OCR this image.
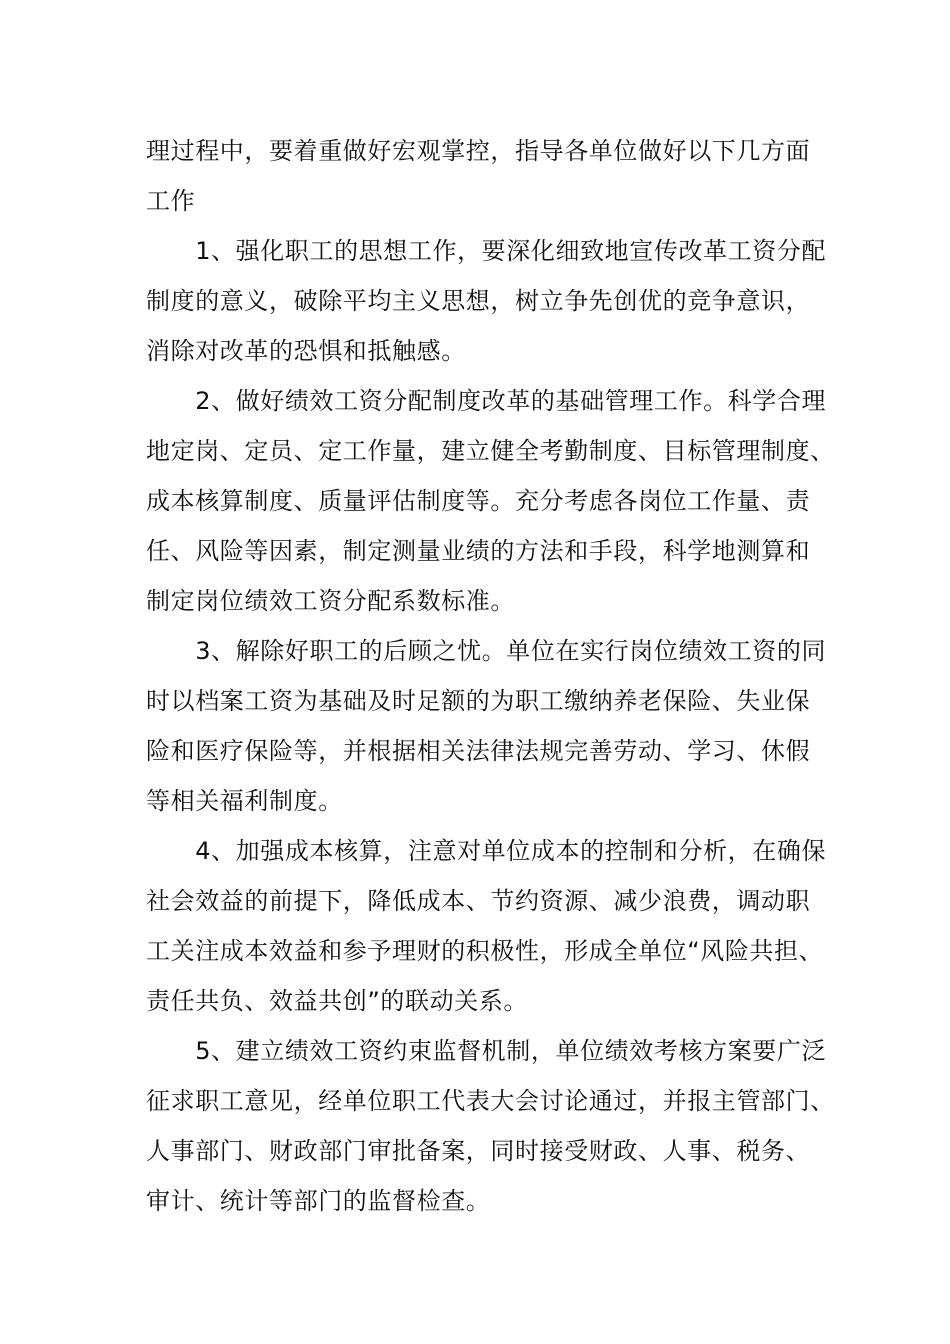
理过程中，要着重做好宏观掌控，指导各单位做好以下几方面
工作
　　1、强化职工的思想工作，要深化细致地宣传改革工资分配
制度的意义，破除平均主义思想，树立争先创优的竞争意识，
消除对改革的恐惧和抵触感。
　　2、做好绩效工资分配制度改革的基础管理工作。科学合理
地定岗、定员、定工作量，建立健全考勤制度、目标管理制度、
成本核算制度、质量评估制度等。充分考虑各岗位工作量、责
任、风险等因素，制定测量业绩的方法和手段，科学地测算和
制定岗位绩效工资分配系数标准。
　　3、解除好职工的后顾之忧。单位在实行岗位绩效工资的同
时以档案工资为基础及时足额的为职工缴纳养老保险、失业保
险和医疗保险等，并根据相关法律法规完善劳动、学习、休假
等相关福利制度。
　　4、加强成本核算，注意对单位成本的控制和分析，在确保
社会效益的前提下，降低成本、节约资源、减少浪费，调动职
工关注成本效益和参予理财的积极性，形成全单位“风险共担、
责任共负、效益共创”的联动关系。
　　5、建立绩效工资约束监督机制，单位绩效考核方案要广泛
征求职工意见，经单位职工代表大会讨论通过，并报主管部门、
人事部门、财政部门审批备案，同时接受财政、人事、税务、
审计、统计等部门的监督检查。
